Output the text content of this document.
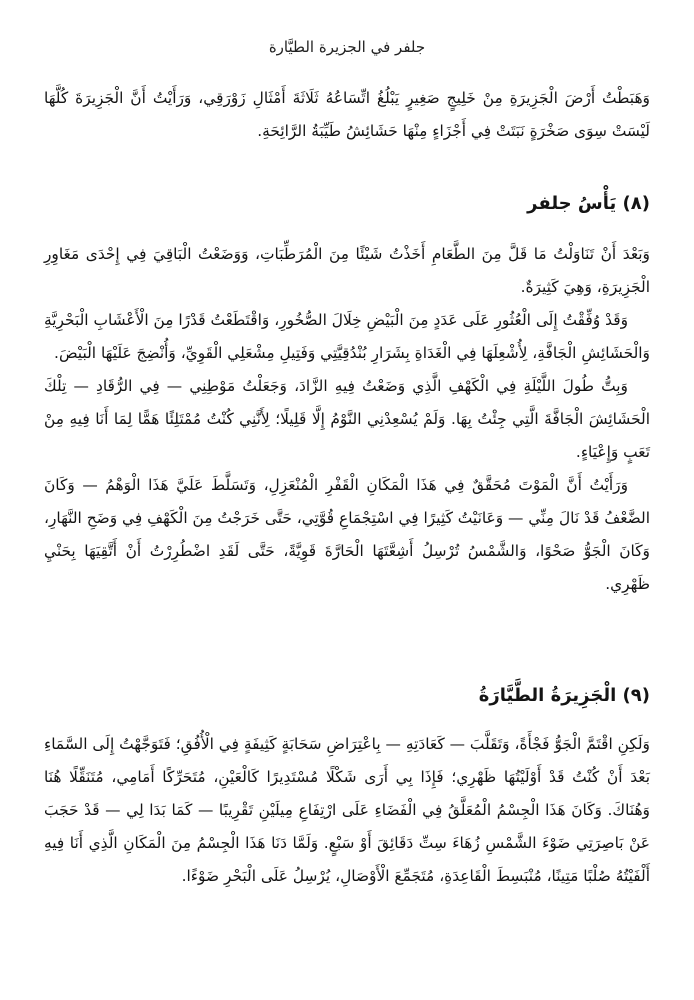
جلفر في الجزيرة الطيَّارة

وَهَبَطْتُ أَرْضَ الْجَزِيرَةِ مِنْ خَلِيجٍ صَغِيرٍ يَبْلُغُ اتِّسَاعُهُ ثَلَاثَةَ أَمْثَالِ زَوْرَقِي، وَرَأَيْتُ أَنَّ الْجَزِيرَةَ كُلَّهَا لَيْسَتْ سِوَى صَخْرَةٍ نَبَتَتْ فِي أَجْزَاءٍ مِنْهَا حَشَائِشُ طَيِّبَةُ الرَّائِحَةِ.

(٨) يَأْسُ جلفر

وَبَعْدَ أَنْ تَنَاوَلْتُ مَا قَلَّ مِنَ الطَّعَامِ أَخَذْتُ شَيْئًا مِنَ الْمُرَطِّبَاتِ، وَوَضَعْتُ الْبَاقِيَ فِي إِحْدَى مَغَاوِرِ الْجَزِيرَةِ، وَهِيَ كَثِيرَةٌ.

وَقَدْ وُفِّقْتُ إِلَى الْعُثُورِ عَلَى عَدَدٍ مِنَ الْبَيْضِ خِلَالَ الصُّخُورِ، وَاقْتَطَعْتُ قَدْرًا مِنَ الْأَعْشَابِ الْبَحْرِيَّةِ وَالْحَشَائِشِ الْجَافَّةِ، لِأُشْعِلَهَا فِي الْغَدَاةِ بِشَرَارِ بُنْدُقِيَّتِي وَفَتِيلِ مِشْعَلِي الْقَوِيِّ، وَأُنْضِجَ عَلَيْهَا الْبَيْضَ.

وَبِتُّ طُولَ اللَّيْلَةِ فِي الْكَهْفِ الَّذِي وَضَعْتُ فِيهِ الزَّادَ، وَجَعَلْتُ مَوْطِنِي — فِي الرُّقَادِ — تِلْكَ الْحَشَائِشَ الْجَافَّةَ الَّتِي جِئْتُ بِهَا. وَلَمْ يُسْعِدْنِي النَّوْمُ إِلَّا قَلِيلًا؛ لِأَنَّنِي كُنْتُ مُمْتَلِئًا هَمًّا لِمَا أَنَا فِيهِ مِنْ تَعَبٍ وَإِعْيَاءٍ.

وَرَأَيْتُ أَنَّ الْمَوْتَ مُحَقَّقٌ فِي هَذَا الْمَكَانِ الْقَفْرِ الْمُنْعَزِلِ، وَتَسَلَّطَ عَلَيَّ هَذَا الْوَهْمُ — وَكَانَ الضَّعْفُ قَدْ نَالَ مِنِّي — وَعَانَيْتُ كَثِيرًا فِي اسْتِجْمَاعِ قُوَّتِي، حَتَّى خَرَجْتُ مِنَ الْكَهْفِ فِي وَضَحِ النَّهَارِ، وَكَانَ الْجَوُّ صَحْوًا، وَالشَّمْسُ تُرْسِلُ أَشِعَّتَهَا الْحَارَّةَ قَوِيَّةً، حَتَّى لَقَدِ اضْطُرِرْتُ أَنْ أَتَّقِيَهَا بِحَنْيِ ظَهْرِي.

(٩) الْجَزِيرَةُ الطَّيَّارَةُ

وَلَكِنِ اقْتَمَّ الْجَوُّ فَجْأَةً، وَتَقَلَّبَ — كَعَادَتِهِ — بِاعْتِرَاضِ سَحَابَةٍ كَثِيفَةٍ فِي الْأُفُقِ؛ فَتَوَجَّهْتُ إِلَى السَّمَاءِ بَعْدَ أَنْ كُنْتُ قَدْ أَوْلَيْتُهَا ظَهْرِي؛ فَإِذَا بِي أَرَى شَكْلًا مُسْتَدِيرًا كَالْعَيْنِ، مُتَحَرِّكًا أَمَامِي، مُتَنَقِّلًا هُنَا وَهُنَاكَ. وَكَانَ هَذَا الْجِسْمُ الْمُعَلَّقُ فِي الْفَضَاءِ عَلَى ارْتِفَاعِ مِيلَيْنِ تَقْرِيبًا — كَمَا بَدَا لِي — قَدْ حَجَبَ عَنْ بَاصِرَتِي ضَوْءَ الشَّمْسِ زُهَاءَ سِتِّ دَقَائِقَ أَوْ سَبْعٍ. وَلَمَّا دَنَا هَذَا الْجِسْمُ مِنَ الْمَكَانِ الَّذِي أَنَا فِيهِ أَلْفَيْتُهُ صُلْبًا مَتِينًا، مُنْبَسِطَ الْقَاعِدَةِ، مُتَجَمِّعَ الْأَوْصَالِ، يُرْسِلُ عَلَى الْبَحْرِ ضَوْءًا.
